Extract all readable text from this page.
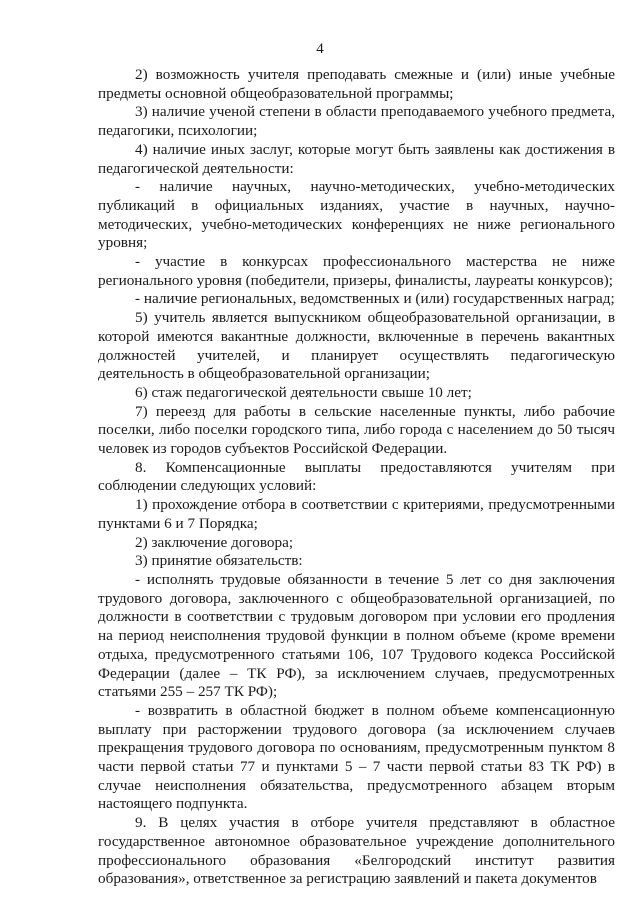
4

2) возможность учителя преподавать смежные и (или) иные учебные предметы основной общеобразовательной программы;

3) наличие ученой степени в области преподаваемого учебного предмета, педагогики, психологии;

4) наличие иных заслуг, которые могут быть заявлены как достижения в педагогической деятельности:

- наличие научных, научно-методических, учебно-методических публикаций в официальных изданиях, участие в научных, научно-методических, учебно-методических конференциях не ниже регионального уровня;

- участие в конкурсах профессионального мастерства не ниже регионального уровня (победители, призеры, финалисты, лауреаты конкурсов);

- наличие региональных, ведомственных и (или) государственных наград;

5) учитель является выпускником общеобразовательной организации, в которой имеются вакантные должности, включенные в перечень вакантных должностей учителей, и планирует осуществлять педагогическую деятельность в общеобразовательной организации;

6) стаж педагогической деятельности свыше 10 лет;

7) переезд для работы в сельские населенные пункты, либо рабочие поселки, либо поселки городского типа, либо города с населением до 50 тысяч человек из городов субъектов Российской Федерации.

8. Компенсационные выплаты предоставляются учителям при соблюдении следующих условий:

1) прохождение отбора в соответствии с критериями, предусмотренными пунктами 6 и 7 Порядка;

2) заключение договора;

3) принятие обязательств:

- исполнять трудовые обязанности в течение 5 лет со дня заключения трудового договора, заключенного с общеобразовательной организацией, по должности в соответствии с трудовым договором при условии его продления на период неисполнения трудовой функции в полном объеме (кроме времени отдыха, предусмотренного статьями 106, 107 Трудового кодекса Российской Федерации (далее – ТК РФ), за исключением случаев, предусмотренных статьями 255 – 257 ТК РФ);

- возвратить в областной бюджет в полном объеме компенсационную выплату при расторжении трудового договора (за исключением случаев прекращения трудового договора по основаниям, предусмотренным пунктом 8 части первой статьи 77 и пунктами 5 – 7 части первой статьи 83 ТК РФ) в случае неисполнения обязательства, предусмотренного абзацем вторым настоящего подпункта.

9. В целях участия в отборе учителя представляют в областное государственное автономное образовательное учреждение дополнительного профессионального образования «Белгородский институт развития образования», ответственное за регистрацию заявлений и пакета документов
